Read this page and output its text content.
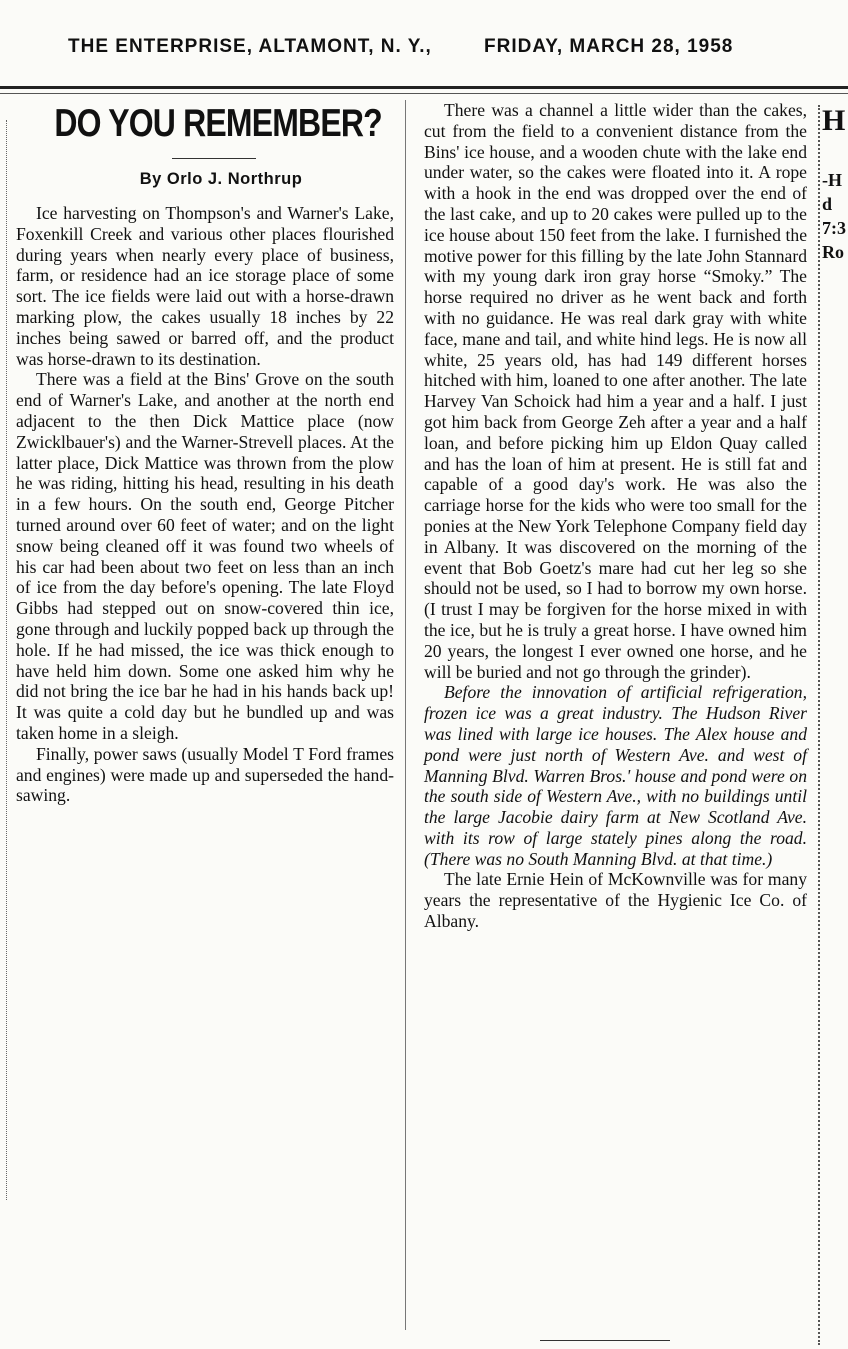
THE ENTERPRISE, ALTAMONT, N. Y.,	FRIDAY, MARCH 28, 1958
DO YOU REMEMBER?
By Orlo J. Northrup

Ice harvesting on Thompson's and Warner's Lake, Foxenkill Creek and various other places flourished during years when nearly every place of business, farm, or residence had an ice storage place of some sort. The ice fields were laid out with a horse-drawn marking plow, the cakes usually 18 inches by 22 inches being sawed or barred off, and the product was horse-drawn to its destination.

There was a field at the Bins' Grove on the south end of Warner's Lake, and another at the north end adjacent to the then Dick Mattice place (now Zwicklbauer's) and the Warner-Strevell places. At the latter place, Dick Mattice was thrown from the plow he was riding, hitting his head, resulting in his death in a few hours. On the south end, George Pitcher turned around over 60 feet of water; and on the light snow being cleaned off it was found two wheels of his car had been about two feet on less than an inch of ice from the day before's opening. The late Floyd Gibbs had stepped out on snow-covered thin ice, gone through and luckily popped back up through the hole. If he had missed, the ice was thick enough to have held him down. Some one asked him why he did not bring the ice bar he had in his hands back up! It was quite a cold day but he bundled up and was taken home in a sleigh.

Finally, power saws (usually Model T Ford frames and engines) were made up and superseded the hand-sawing.

There was a channel a little wider than the cakes, cut from the field to a convenient distance from the Bins' ice house, and a wooden chute with the lake end under water, so the cakes were floated into it. A rope with a hook in the end was dropped over the end of the last cake, and up to 20 cakes were pulled up to the ice house about 150 feet from the lake. I furnished the motive power for this filling by the late John Stannard with my young dark iron gray horse “Smoky.” The horse required no driver as he went back and forth with no guidance. He was real dark gray with white face, mane and tail, and white hind legs. He is now all white, 25 years old, has had 149 different horses hitched with him, loaned to one after another. The late Harvey Van Schoick had him a year and a half. I just got him back from George Zeh after a year and a half loan, and before picking him up Eldon Quay called and has the loan of him at present. He is still fat and capable of a good day's work. He was also the carriage horse for the kids who were too small for the ponies at the New York Telephone Company field day in Albany. It was discovered on the morning of the event that Bob Goetz's mare had cut her leg so she should not be used, so I had to borrow my own horse. (I trust I may be forgiven for the horse mixed in with the ice, but he is truly a great horse. I have owned him 20 years, the longest I ever owned one horse, and he will be buried and not go through the grinder).

Before the innovation of artificial refrigeration, frozen ice was a great industry. The Hudson River was lined with large ice houses. The Alex house and pond were just north of Western Ave. and west of Manning Blvd. Warren Bros.' house and pond were on the south side of Western Ave., with no buildings until the large Jacobie dairy farm at New Scotland Ave. with its row of large stately pines along the road. (There was no South Manning Blvd. at that time.)

The late Ernie Hein of McKownville was for many years the representative of the Hygienic Ice Co. of Albany.

H
-H
d
7:3
Ro
